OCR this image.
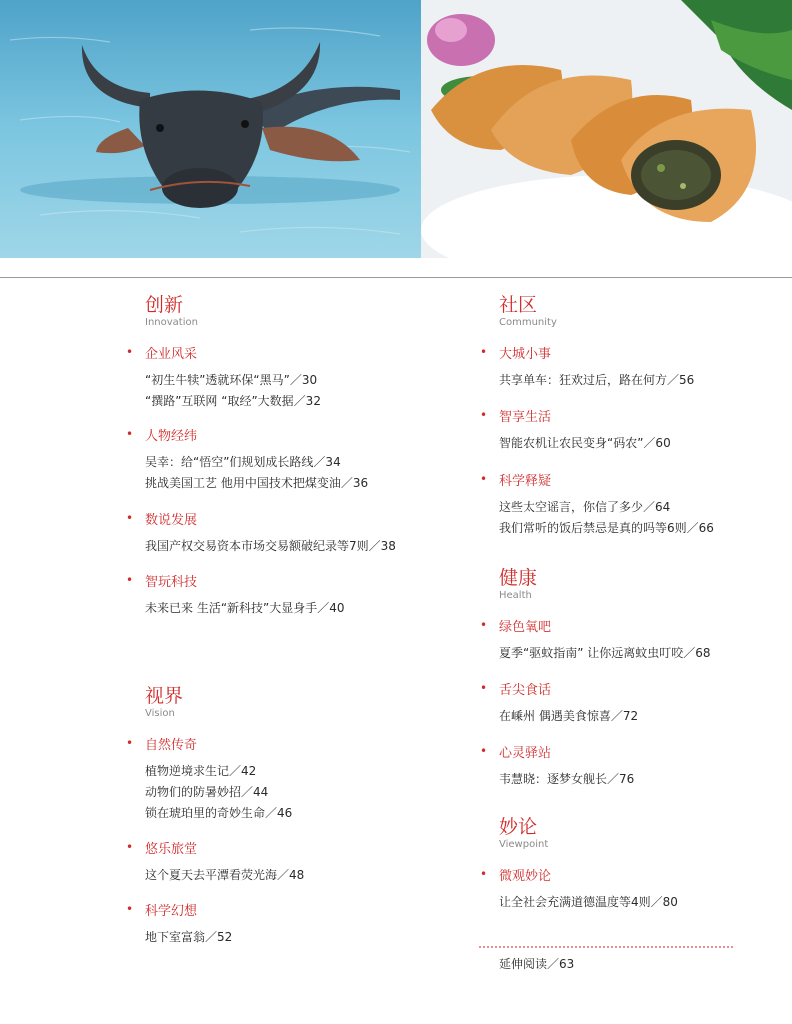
创新
Innovation
• 企业风采
“初生牛犊”透就环保“黑马”／30
“撰路”互联网 “取经”大数据／32
• 人物经纬
吴幸：给“悟空”们规划成长路线／34
挑战美国工艺 他用中国技术把煤变油／36
• 数说发展
我国产权交易资本市场交易额破纪录等7则／38
• 智玩科技
未来已来 生活“新科技”大显身手／40
视界
Vision
• 自然传奇
植物逆境求生记／42
动物们的防暑妙招／44
锁在琥珀里的奇妙生命／46
• 悠乐旅堂
这个夏天去平潭看荧光海／48
• 科学幻想
地下室富翁／52
社区
Community
• 大城小事
共享单车：狂欢过后，路在何方／56
• 智享生活
智能农机让农民变身“码农”／60
• 科学释疑
这些太空谣言，你信了多少／64
我们常听的饭后禁忌是真的吗等6则／66
健康
Health
• 绿色氧吧
夏季“驱蚊指南” 让你远离蚊虫叮咬／68
• 舌尖食话
在嵊州 偶遇美食惊喜／72
• 心灵驿站
韦慧晓：逐梦女舰长／76
妙论
Viewpoint
• 微观妙论
让全社会充满道德温度等4则／80
延伸阅读／63
